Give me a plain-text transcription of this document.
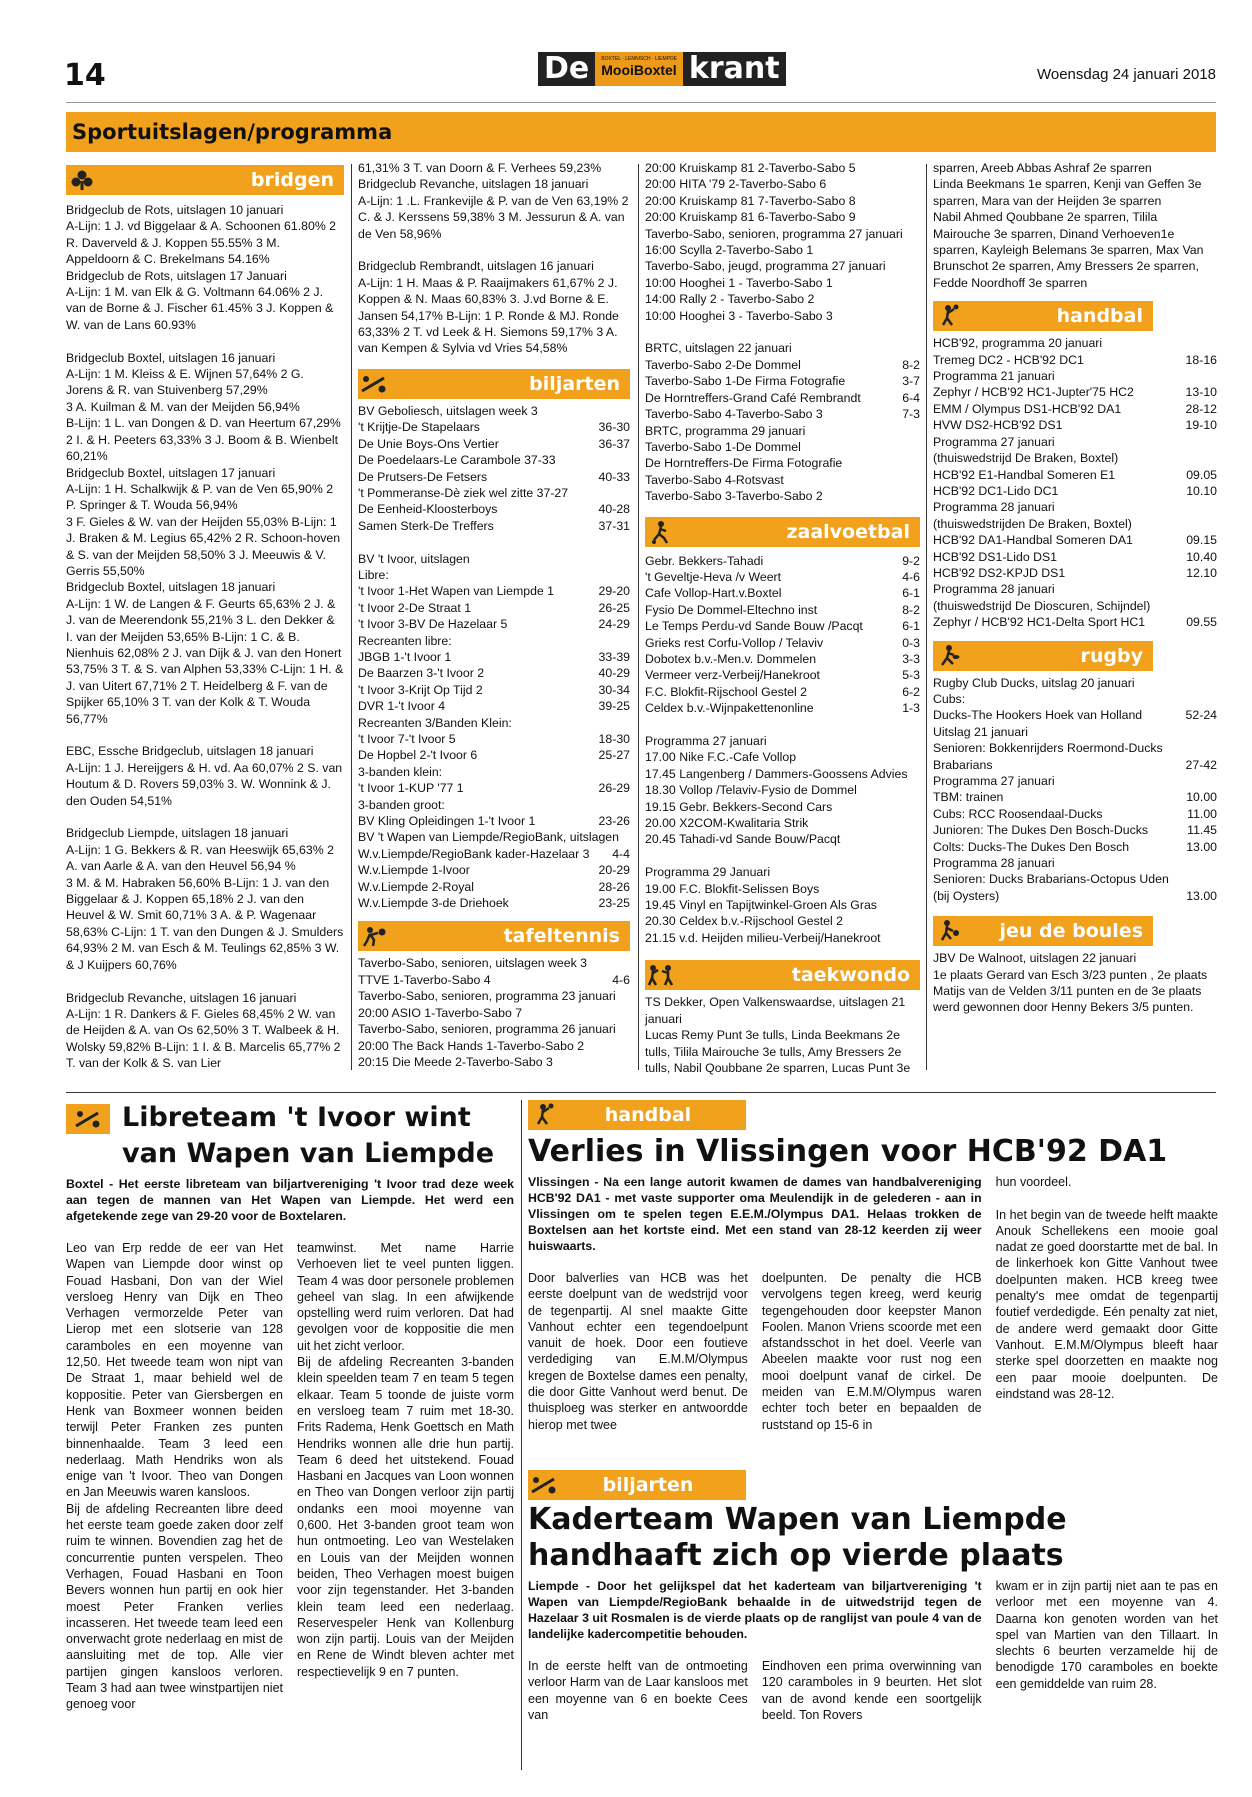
14	De	BOXTEL · LENNISCH · LIEMPDE
MooiBoxtel krant	Woensdag 24 januari 2018
Sportuitslagen/programma
bridgen
Bridgeclub de Rots, uitslagen 10 januari
A-Lijn: 1 J. vd Biggelaar & A. Schoonen 61.80% 2 R. Daverveld & J. Koppen 55.55% 3 M. Appeldoorn & C. Brekelmans 54.16%
Bridgeclub de Rots, uitslagen 17 Januari
A-Lijn: 1 M. van Elk & G. Voltmann 64.06% 2 J. van de Borne & J. Fischer 61.45% 3 J. Koppen & W. van de Lans 60.93%

Bridgeclub Boxtel, uitslagen 16 januari
A-Lijn: 1 M. Kleiss & E. Wijnen 57,64% 2 G. Jorens & R. van Stuivenberg 57,29%
3 A. Kuilman & M. van der Meijden 56,94%
B-Lijn: 1 L. van Dongen & D. van Heertum 67,29% 2 I. & H. Peeters 63,33% 3 J. Boom & B. Wienbelt 60,21%
Bridgeclub Boxtel, uitslagen 17 januari
A-Lijn: 1 H. Schalkwijk & P. van de Ven 65,90% 2 P. Springer & T. Wouda 56,94%
3 F. Gieles & W. van der Heijden 55,03% B-Lijn: 1 J. Braken & M. Legius 65,42% 2 R. Schoon-hoven & S. van der Meijden 58,50% 3 J. Meeuwis & V. Gerris 55,50%
Bridgeclub Boxtel, uitslagen 18 januari
A-Lijn: 1 W. de Langen & F. Geurts 65,63% 2 J. & J. van de Meerendonk 55,21% 3 L. den Dekker & I. van der Meijden 53,65% B-Lijn: 1 C. & B. Nienhuis 62,08% 2 J. van Dijk & J. van den Honert 53,75% 3 T. & S. van Alphen 53,33% C-Lijn: 1 H. & J. van Uitert 67,71% 2 T. Heidelberg & F. van de Spijker 65,10% 3 T. van der Kolk & T. Wouda 56,77%

EBC, Essche Bridgeclub, uitslagen 18 januari
A-Lijn: 1 J. Hereijgers & H. vd. Aa 60,07% 2 S. van Houtum & D. Rovers 59,03% 3. W. Wonnink & J. den Ouden 54,51%

Bridgeclub Liempde, uitslagen 18 januari
A-Lijn: 1 G. Bekkers & R. van Heeswijk 65,63% 2 A. van Aarle & A. van den Heuvel 56,94 %
3 M. & M. Habraken 56,60% B-Lijn: 1 J. van den Biggelaar & J. Koppen 65,18% 2 J. van den Heuvel & W. Smit 60,71% 3 A. & P. Wagenaar 58,63% C-Lijn: 1 T. van den Dungen & J. Smulders 64,93% 2 M. van Esch & M. Teulings 62,85% 3 W. & J Kuijpers 60,76%

Bridgeclub Revanche, uitslagen 16 januari
A-Lijn: 1 R. Dankers & F. Gieles 68,45% 2 W. van de Heijden & A. van Os 62,50% 3 T. Walbeek & H. Wolsky 59,82% B-Lijn: 1 I. & B. Marcelis 65,77% 2 T. van der Kolk & S. van Lier
61,31% 3 T. van Doorn & F. Verhees 59,23%
Bridgeclub Revanche, uitslagen 18 januari
A-Lijn: 1 .L. Frankevijle & P. van de Ven 63,19% 2 C. & J. Kerssens 59,38% 3 M. Jessurun & A. van de Ven 58,96%

Bridgeclub Rembrandt, uitslagen 16 januari
A-Lijn: 1 H. Maas & P. Raaijmakers 61,67% 2 J. Koppen & N. Maas 60,83% 3. J.vd Borne & E. Jansen 54,17% B-Lijn: 1 P. Ronde & MJ. Ronde 63,33% 2 T. vd Leek & H. Siemons 59,17% 3 A. van Kempen & Sylvia vd Vries 54,58%
biljarten
BV Geboliesch, uitslagen week 3
't Krijtje-De Stapelaars	36-30
De Unie Boys-Ons Vertier	36-37
De Poedelaars-Le Carambole 37-33
De Prutsers-De Fetsers	40-33
't Pommeranse-Dè ziek wel zitte 37-27
De Eenheid-Kloosterboys	40-28
Samen Sterk-De Treffers	37-31

BV 't Ivoor, uitslagen
Libre:
't Ivoor 1-Het Wapen van Liempde 1	29-20
't Ivoor 2-De Straat 1	26-25
't Ivoor 3-BV De Hazelaar 5	24-29
Recreanten libre:
JBGB 1-'t Ivoor 1	33-39
De Baarzen 3-'t Ivoor 2	40-29
't Ivoor 3-Krijt Op Tijd 2	30-34
DVR 1-'t Ivoor 4	39-25
Recreanten 3/Banden Klein:
't Ivoor 7-'t Ivoor 5	18-30
De Hopbel 2-'t Ivoor 6	25-27
3-banden klein:
't Ivoor 1-KUP '77 1	26-29
3-banden groot:
BV Kling Opleidingen 1-'t Ivoor 1	23-26
BV 't Wapen van Liempde/RegioBank, uitslagen
W.v.Liempde/RegioBank kader-Hazelaar 3	4-4
W.v.Liempde 1-Ivoor	20-29
W.v.Liempde 2-Royal	28-26
W.v.Liempde 3-de Driehoek	23-25
tafeltennis
Taverbo-Sabo, senioren, uitslagen week 3
TTVE 1-Taverbo-Sabo 4	4-6
Taverbo-Sabo, senioren, programma 23 januari
20:00 ASIO 1-Taverbo-Sabo 7
Taverbo-Sabo, senioren, programma 26 januari
20:00 The Back Hands 1-Taverbo-Sabo 2
20:15 Die Meede 2-Taverbo-Sabo 3
20:00 Kruiskamp 81 2-Taverbo-Sabo 5
20:00 HITA '79 2-Taverbo-Sabo 6
20:00 Kruiskamp 81 7-Taverbo-Sabo 8
20:00 Kruiskamp 81 6-Taverbo-Sabo 9
Taverbo-Sabo, senioren, programma 27 januari
16:00 Scylla 2-Taverbo-Sabo 1
Taverbo-Sabo, jeugd, programma 27 januari
10:00 Hooghei 1 - Taverbo-Sabo 1
14:00 Rally 2 - Taverbo-Sabo 2
10:00 Hooghei 3 - Taverbo-Sabo 3

BRTC, uitslagen 22 januari
Taverbo-Sabo 2-De Dommel	8-2
Taverbo-Sabo 1-De Firma Fotografie	3-7
De Horntreffers-Grand Café Rembrandt	6-4
Taverbo-Sabo 4-Taverbo-Sabo 3	7-3
BRTC, programma 29 januari
Taverbo-Sabo 1-De Dommel
De Horntreffers-De Firma Fotografie
Taverbo-Sabo 4-Rotsvast
Taverbo-Sabo 3-Taverbo-Sabo 2
zaalvoetbal
Gebr. Bekkers-Tahadi	9-2
't Geveltje-Heva /v Weert	4-6
Cafe Vollop-Hart.v.Boxtel	6-1
Fysio De Dommel-Eltechno inst	8-2
Le Temps Perdu-vd Sande Bouw /Pacqt	6-1
Grieks rest Corfu-Vollop / Telaviv	0-3
Dobotex b.v.-Men.v. Dommelen	3-3
Vermeer verz-Verbeij/Hanekroot	5-3
F.C. Blokfit-Rijschool Gestel 2	6-2
Celdex b.v.-Wijnpakettenonline	1-3

Programma 27 januari
17.00 Nike F.C.-Cafe Vollop
17.45 Langenberg / Dammers-Goossens Advies
18.30 Vollop /Telaviv-Fysio de Dommel
19.15 Gebr. Bekkers-Second Cars
20.00 X2COM-Kwalitaria Strik
20.45 Tahadi-vd Sande Bouw/Pacqt

Programma 29 Januari
19.00 F.C. Blokfit-Selissen Boys
19.45 Vinyl en Tapijtwinkel-Groen Als Gras
20.30 Celdex b.v.-Rijschool Gestel 2
21.15 v.d. Heijden milieu-Verbeij/Hanekroot
taekwondo
TS Dekker, Open Valkenswaardse, uitslagen 21 januari
Lucas Remy Punt 3e tulls, Linda Beekmans 2e tulls, Tilila Mairouche 3e tulls, Amy Bressers 2e tulls, Nabil Qoubbane 2e sparren, Lucas Punt 3e
sparren, Areeb Abbas Ashraf 2e sparren
Linda Beekmans 1e sparren, Kenji van Geffen 3e sparren, Mara van der Heijden 3e sparren
Nabil Ahmed Qoubbane 2e sparren, Tilila Mairouche 3e sparren, Dinand Verhoeven1e sparren, Kayleigh Belemans 3e sparren, Max Van Brunschot 2e sparren, Amy Bressers 2e sparren, Fedde Noordhoff 3e sparren
handbal
HCB'92, programma 20 januari
Tremeg DC2 - HCB'92 DC1	18-16
Programma 21 januari
Zephyr / HCB'92 HC1-Jupter'75 HC2	13-10
EMM / Olympus DS1-HCB'92 DA1	28-12
HVW DS2-HCB'92 DS1	19-10
Programma 27 januari
(thuiswedstrijd De Braken, Boxtel)
HCB'92 E1-Handbal Someren E1	09.05
HCB'92 DC1-Lido DC1	10.10
Programma 28 januari
(thuiswedstrijden De Braken, Boxtel)
HCB'92 DA1-Handbal Someren DA1	09.15
HCB'92 DS1-Lido DS1	10.40
HCB'92 DS2-KPJD DS1	12.10
Programma 28 januari
(thuiswedstrijd De Dioscuren, Schijndel)
Zephyr / HCB'92 HC1-Delta Sport HC1	09.55
rugby
Rugby Club Ducks, uitslag 20 januari
Cubs:
Ducks-The Hookers Hoek van Holland	52-24
Uitslag 21 januari
Senioren: Bokkenrijders Roermond-Ducks
Brabarians	27-42
Programma 27 januari
TBM: trainen	10.00
Cubs: RCC Roosendaal-Ducks	11.00
Junioren: The Dukes Den Bosch-Ducks	11.45
Colts: Ducks-The Dukes Den Bosch	13.00
Programma 28 januari
Senioren: Ducks Brabarians-Octopus Uden
(bij Oysters)	13.00
jeu de boules
JBV De Walnoot, uitslagen 22 januari
1e plaats Gerard van Esch 3/23 punten , 2e plaats Matijs van de Velden 3/11 punten en de 3e plaats werd gewonnen door Henny Bekers 3/5 punten.
Libreteam 't Ivoor wint van Wapen van Liempde
Boxtel - Het eerste libreteam van biljartvereniging 't Ivoor trad deze week aan tegen de mannen van Het Wapen van Liempde. Het werd een afgetekende zege van 29-20 voor de Boxtelaren.
Leo van Erp redde de eer van Het Wapen van Liempde door winst op Fouad Hasbani, Don van der Wiel versloeg Henry van Dijk en Theo Verhagen vermorzelde Peter van Lierop met een slotserie van 128 caramboles en een moyenne van 12,50. Het tweede team won nipt van De Straat 1, maar behield wel de koppositie. Peter van Giersbergen en Henk van Boxmeer wonnen beiden terwijl Peter Franken zes punten binnenhaalde. Team 3 leed een nederlaag. Math Hendriks won als enige van 't Ivoor. Theo van Dongen en Jan Meeuwis waren kansloos.
Bij de afdeling Recreanten libre deed het eerste team goede zaken door zelf ruim te winnen. Bovendien zag het de concurrentie punten verspelen. Theo Verhagen, Fouad Hasbani en Toon Bevers wonnen hun partij en ook hier moest Peter Franken verlies incasseren. Het tweede team leed een onverwacht grote nederlaag en mist de aansluiting met de top. Alle vier partijen gingen kansloos verloren. Team 3 had aan twee winstpartijen niet genoeg voor
teamwinst. Met name Harrie Verhoeven liet te veel punten liggen. Team 4 was door personele problemen geheel van slag. In een afwijkende opstelling werd ruim verloren. Dat had gevolgen voor de koppositie die men uit het zicht verloor.
Bij de afdeling Recreanten 3-banden klein speelden team 7 en team 5 tegen elkaar. Team 5 toonde de juiste vorm en versloeg team 7 ruim met 18-30. Frits Radema, Henk Goettsch en Math Hendriks wonnen alle drie hun partij. Team 6 deed het uitstekend. Fouad Hasbani en Jacques van Loon wonnen en Theo van Dongen verloor zijn partij ondanks een mooi moyenne van 0,600. Het 3-banden groot team won hun ontmoeting. Leo van Westelaken en Louis van der Meijden wonnen beiden, Theo Verhagen moest buigen voor zijn tegenstander. Het 3-banden klein team leed een nederlaag. Reservespeler Henk van Kollenburg won zijn partij. Louis van der Meijden en Rene de Windt bleven achter met respectievelijk 9 en 7 punten.
handbal
Verlies in Vlissingen voor HCB'92 DA1
Vlissingen - Na een lange autorit kwamen de dames van handbalvereniging HCB'92 DA1 - met vaste supporter oma Meulendijk in de gelederen - aan in Vlissingen om te spelen tegen E.E.M./Olympus DA1. Helaas trokken de Boxtelsen aan het kortste eind. Met een stand van 28-12 keerden zij weer huiswaarts.
Door balverlies van HCB was het eerste doelpunt van de wedstrijd voor de tegenpartij. Al snel maakte Gitte Vanhout echter een tegendoelpunt vanuit de hoek. Door een foutieve verdediging van E.M.M/Olympus kregen de Boxtelse dames een penalty, die door Gitte Vanhout werd benut. De thuisploeg was sterker en antwoordde hierop met twee
doelpunten. De penalty die HCB vervolgens tegen kreeg, werd keurig tegengehouden door keepster Manon Foolen. Manon Vriens scoorde met een afstandsschot in het doel. Veerle van Abeelen maakte voor rust nog een mooi doelpunt vanaf de cirkel. De meiden van E.M.M/Olympus waren echter toch beter en bepaalden de ruststand op 15-6 in
hun voordeel.

In het begin van de tweede helft maakte Anouk Schellekens een mooie goal nadat ze goed doorstartte met de bal. In de linkerhoek kon Gitte Vanhout twee doelpunten maken. HCB kreeg twee penalty's mee omdat de tegenpartij foutief verdedigde. Eén penalty zat niet, de andere werd gemaakt door Gitte Vanhout. E.M.M/Olympus bleeft haar sterke spel doorzetten en maakte nog een paar mooie doelpunten. De eindstand was 28-12.
biljarten
Kaderteam Wapen van Liempde handhaaft zich op vierde plaats
Liempde - Door het gelijkspel dat het kaderteam van biljartvereniging 't Wapen van Liempde/RegioBank behaalde in de uitwedstrijd tegen de Hazelaar 3 uit Rosmalen is de vierde plaats op de ranglijst van poule 4 van de landelijke kadercompetitie behouden.
In de eerste helft van de ontmoeting verloor Harm van de Laar kansloos met een moyenne van 6 en boekte Cees van
Eindhoven een prima overwinning van 120 caramboles in 9 beurten. Het slot van de avond kende een soortgelijk beeld. Ton Rovers
kwam er in zijn partij niet aan te pas en verloor met een moyenne van 4. Daarna kon genoten worden van het spel van Martien van den Tillaart. In slechts 6 beurten verzamelde hij de benodigde 170 caramboles en boekte een gemiddelde van ruim 28.
